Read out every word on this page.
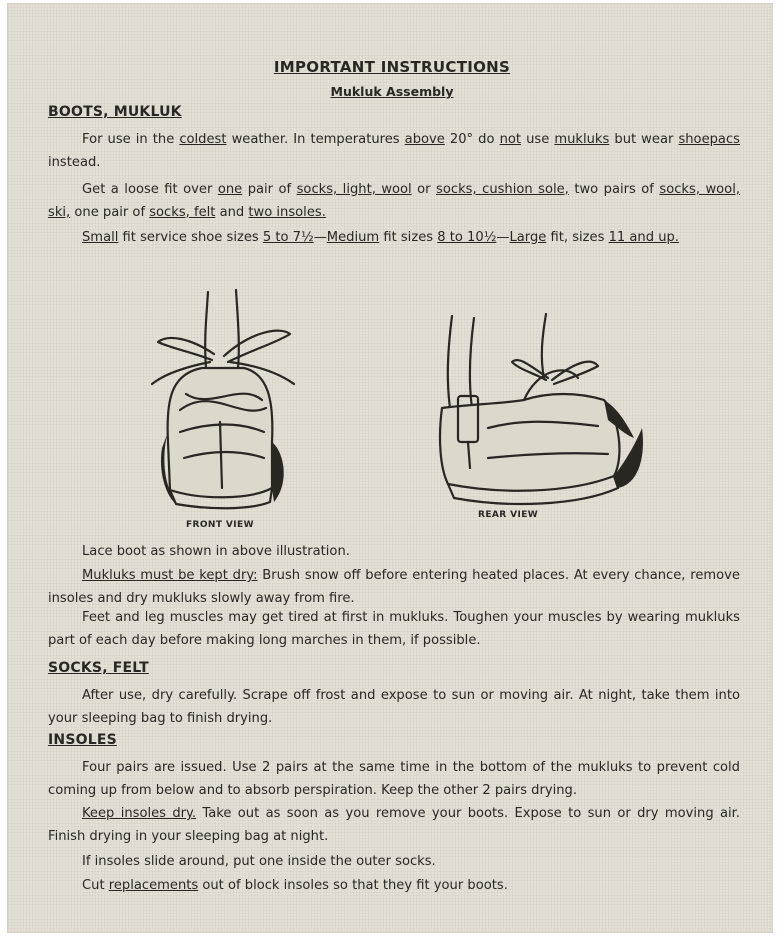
IMPORTANT INSTRUCTIONS
Mukluk Assembly
BOOTS, MUKLUK
For use in the coldest weather. In temperatures above 20° do not use mukluks but wear shoepacs instead.
Get a loose fit over one pair of socks, light, wool or socks, cushion sole, two pairs of socks, wool, ski, one pair of socks, felt and two insoles.
Small fit service shoe sizes 5 to 7½—Medium fit sizes 8 to 10½—Large fit, sizes 11 and up.
FRONT VIEW
REAR VIEW
Lace boot as shown in above illustration.
Mukluks must be kept dry: Brush snow off before entering heated places. At every chance, remove insoles and dry mukluks slowly away from fire.
Feet and leg muscles may get tired at first in mukluks. Toughen your muscles by wearing mukluks part of each day before making long marches in them, if possible.
SOCKS, FELT
After use, dry carefully. Scrape off frost and expose to sun or moving air. At night, take them into your sleeping bag to finish drying.
INSOLES
Four pairs are issued. Use 2 pairs at the same time in the bottom of the mukluks to prevent cold coming up from below and to absorb perspiration. Keep the other 2 pairs drying.
Keep insoles dry. Take out as soon as you remove your boots. Expose to sun or dry moving air. Finish drying in your sleeping bag at night.
If insoles slide around, put one inside the outer socks.
Cut replacements out of block insoles so that they fit your boots.
